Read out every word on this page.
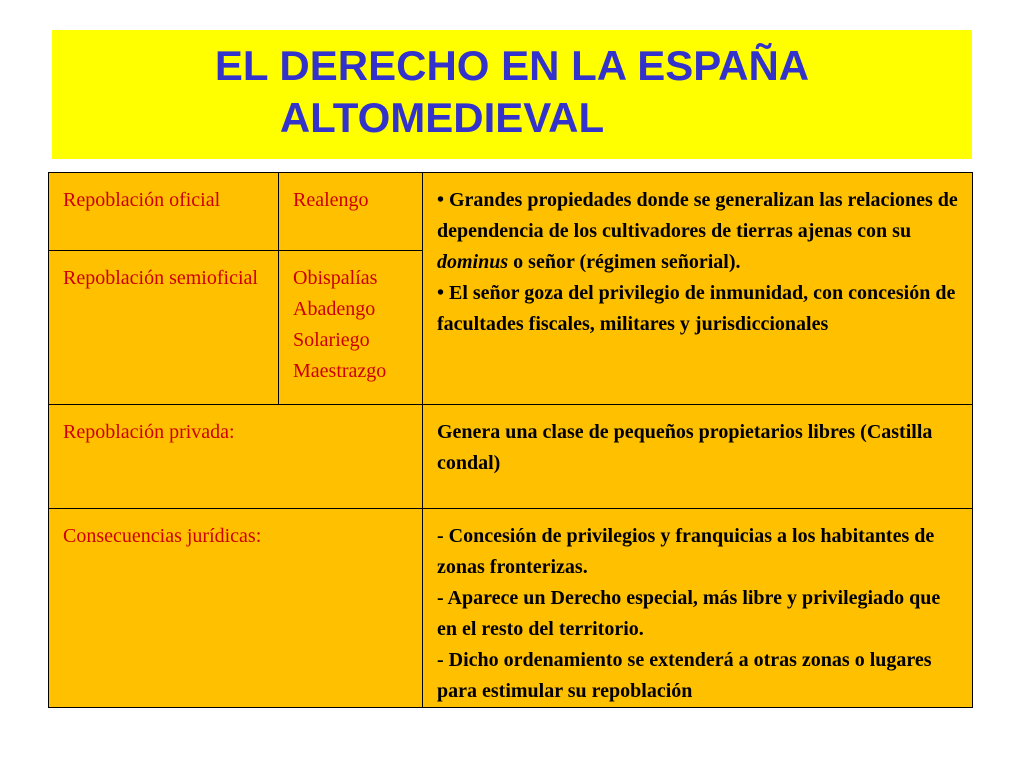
EL DERECHO EN LA ESPAÑA
ALTOMEDIEVAL
Repoblación oficial	Realengo	• Grandes propiedades donde se generalizan las relaciones de dependencia de los cultivadores de tierras ajenas con su dominus o señor (régimen señorial).
• El señor goza del privilegio de inmunidad, con concesión de facultades fiscales, militares y jurisdiccionales

Repoblación semioficial	Obispalías
Abadengo
Solariego
Maestrazgo	

Repoblación privada:		Genera una clase de pequeños propietarios libres (Castilla condal)
Consecuencias jurídicas:		- Concesión de privilegios y franquicias a los habitantes de zonas fronterizas.
- Aparece un Derecho especial, más libre y privilegiado que en el resto del territorio.
- Dicho ordenamiento se extenderá a otras zonas o lugares para estimular su repoblación
